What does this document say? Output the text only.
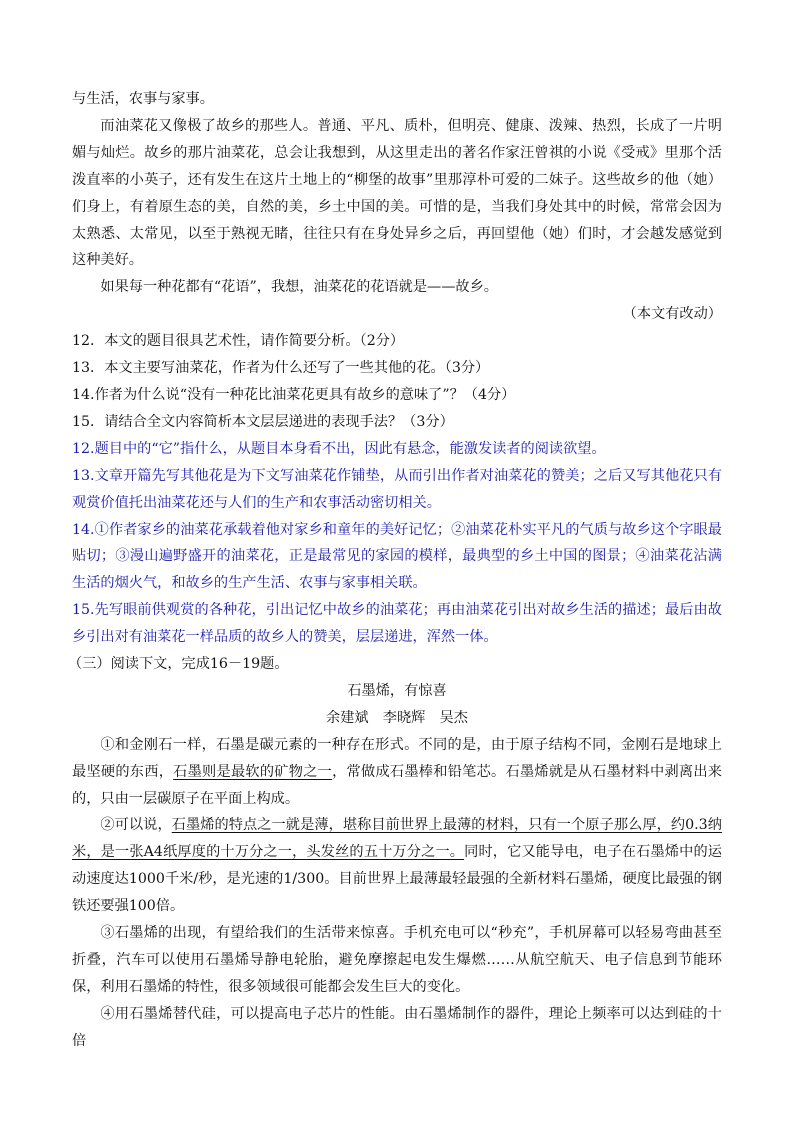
与生活，农事与家事。

而油菜花又像极了故乡的那些人。普通、平凡、质朴，但明亮、健康、泼辣、热烈，长成了一片明媚与灿烂。故乡的那片油菜花，总会让我想到，从这里走出的著名作家汪曾祺的小说《受戒》里那个活泼直率的小英子，还有发生在这片土地上的“柳堡的故事”里那淳朴可爱的二妹子。这些故乡的他（她）们身上，有着原生态的美，自然的美，乡土中国的美。可惜的是，当我们身处其中的时候，常常会因为太熟悉、太常见，以至于熟视无睹，往往只有在身处异乡之后，再回望他（她）们时，才会越发感觉到这种美好。

如果每一种花都有“花语”，我想，油菜花的花语就是——故乡。

（本文有改动）

12．本文的题目很具艺术性，请作简要分析。（2分）

13．本文主要写油菜花，作者为什么还写了一些其他的花。（3分）

14.作者为什么说“没有一种花比油菜花更具有故乡的意味了”？（4分）

15．请结合全文内容简析本文层层递进的表现手法？（3分）

12.题目中的“它”指什么，从题目本身看不出，因此有悬念，能激发读者的阅读欲望。

13.文章开篇先写其他花是为下文写油菜花作铺垫，从而引出作者对油菜花的赞美；之后又写其他花只有观赏价值托出油菜花还与人们的生产和农事活动密切相关。

14.①作者家乡的油菜花承载着他对家乡和童年的美好记忆；②油菜花朴实平凡的气质与故乡这个字眼最贴切；③漫山遍野盛开的油菜花，正是最常见的家园的模样，最典型的乡土中国的图景；④油菜花沾满生活的烟火气，和故乡的生产生活、农事与家事相关联。

15.先写眼前供观赏的各种花，引出记忆中故乡的油菜花；再由油菜花引出对故乡生活的描述；最后由故乡引出对有油菜花一样品质的故乡人的赞美，层层递进，浑然一体。

（三）阅读下文，完成16－19题。

石墨烯，有惊喜

余建斌　李晓辉　吴杰

①和金刚石一样，石墨是碳元素的一种存在形式。不同的是，由于原子结构不同，金刚石是地球上最坚硬的东西，石墨则是最软的矿物之一，常做成石墨棒和铅笔芯。石墨烯就是从石墨材料中剥离出来的，只由一层碳原子在平面上构成。

②可以说，石墨烯的特点之一就是薄，堪称目前世界上最薄的材料，只有一个原子那么厚，约0.3纳米，是一张A4纸厚度的十万分之一，头发丝的五十万分之一。同时，它又能导电，电子在石墨烯中的运动速度达1000千米/秒，是光速的1/300。目前世界上最薄最轻最强的全新材料石墨烯，硬度比最强的钢铁还要强100倍。

③石墨烯的出现，有望给我们的生活带来惊喜。手机充电可以“秒充”，手机屏幕可以轻易弯曲甚至折叠，汽车可以使用石墨烯导静电轮胎，避免摩擦起电发生爆燃……从航空航天、电子信息到节能环保，利用石墨烯的特性，很多领域很可能都会发生巨大的变化。

④用石墨烯替代硅，可以提高电子芯片的性能。由石墨烯制作的器件，理论上频率可以达到硅的十倍
